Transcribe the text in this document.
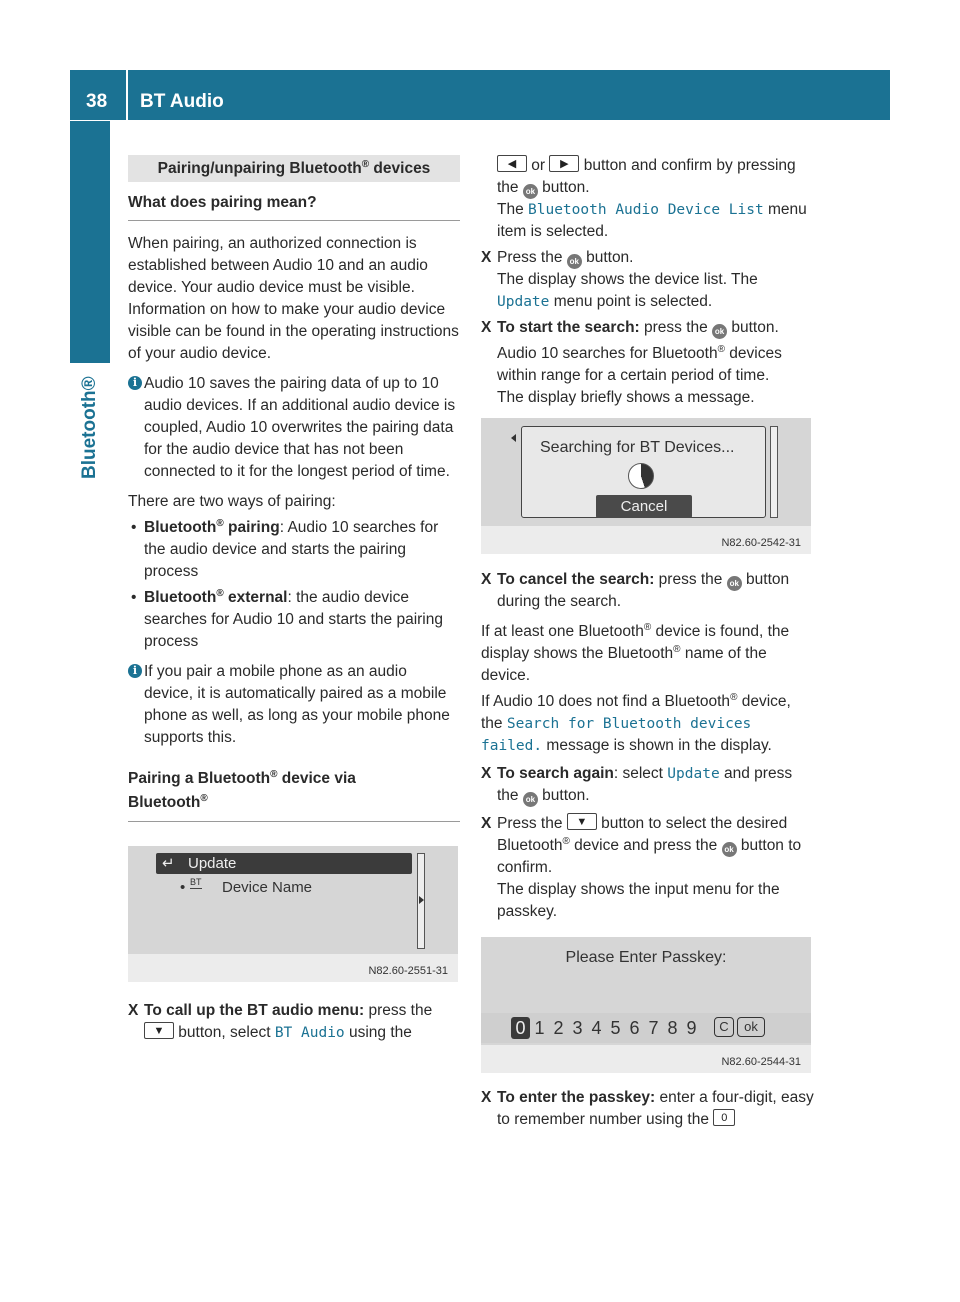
38 BT Audio
Bluetooth®
Pairing/unpairing Bluetooth® devices
What does pairing mean?
When pairing, an authorized connection is established between Audio 10 and an audio device. Your audio device must be visible. Information on how to make your audio device visible can be found in the operating instructions of your audio device.
i Audio 10 saves the pairing data of up to 10 audio devices. If an additional audio device is coupled, Audio 10 overwrites the pairing data for the audio device that has not been connected to it for the longest period of time.
There are two ways of pairing:
• Bluetooth® pairing: Audio 10 searches for the audio device and starts the pairing process
• Bluetooth® external: the audio device searches for Audio 10 and starts the pairing process
i If you pair a mobile phone as an audio device, it is automatically paired as a mobile phone as well, as long as your mobile phone supports this.
Pairing a Bluetooth® device via
Bluetooth®
↵ Update
• BT Device Name
N82.60-2551-31
X To call up the BT audio menu: press the
▼ button, select BT Audio using the
◀ or ▶ button and confirm by pressing the ok button.
The Bluetooth Audio Device List menu item is selected.
X Press the ok button.
The display shows the device list. The Update menu point is selected.
X To start the search: press the ok button.
Audio 10 searches for Bluetooth® devices within range for a certain period of time.
The display briefly shows a message.
Searching for BT Devices...
Cancel
N82.60-2542-31
X To cancel the search: press the ok button during the search.
If at least one Bluetooth® device is found, the display shows the Bluetooth® name of the device.
If Audio 10 does not find a Bluetooth® device, the Search for Bluetooth devices failed. message is shown in the display.
X To search again: select Update and press the ok button.
X Press the ▼ button to select the desired Bluetooth® device and press the ok button to confirm.
The display shows the input menu for the passkey.
Please Enter Passkey:
0 1 2 3 4 5 6 7 8 9	C	ok
N82.60-2544-31
X To enter the passkey: enter a four-digit, easy to remember number using the 0
